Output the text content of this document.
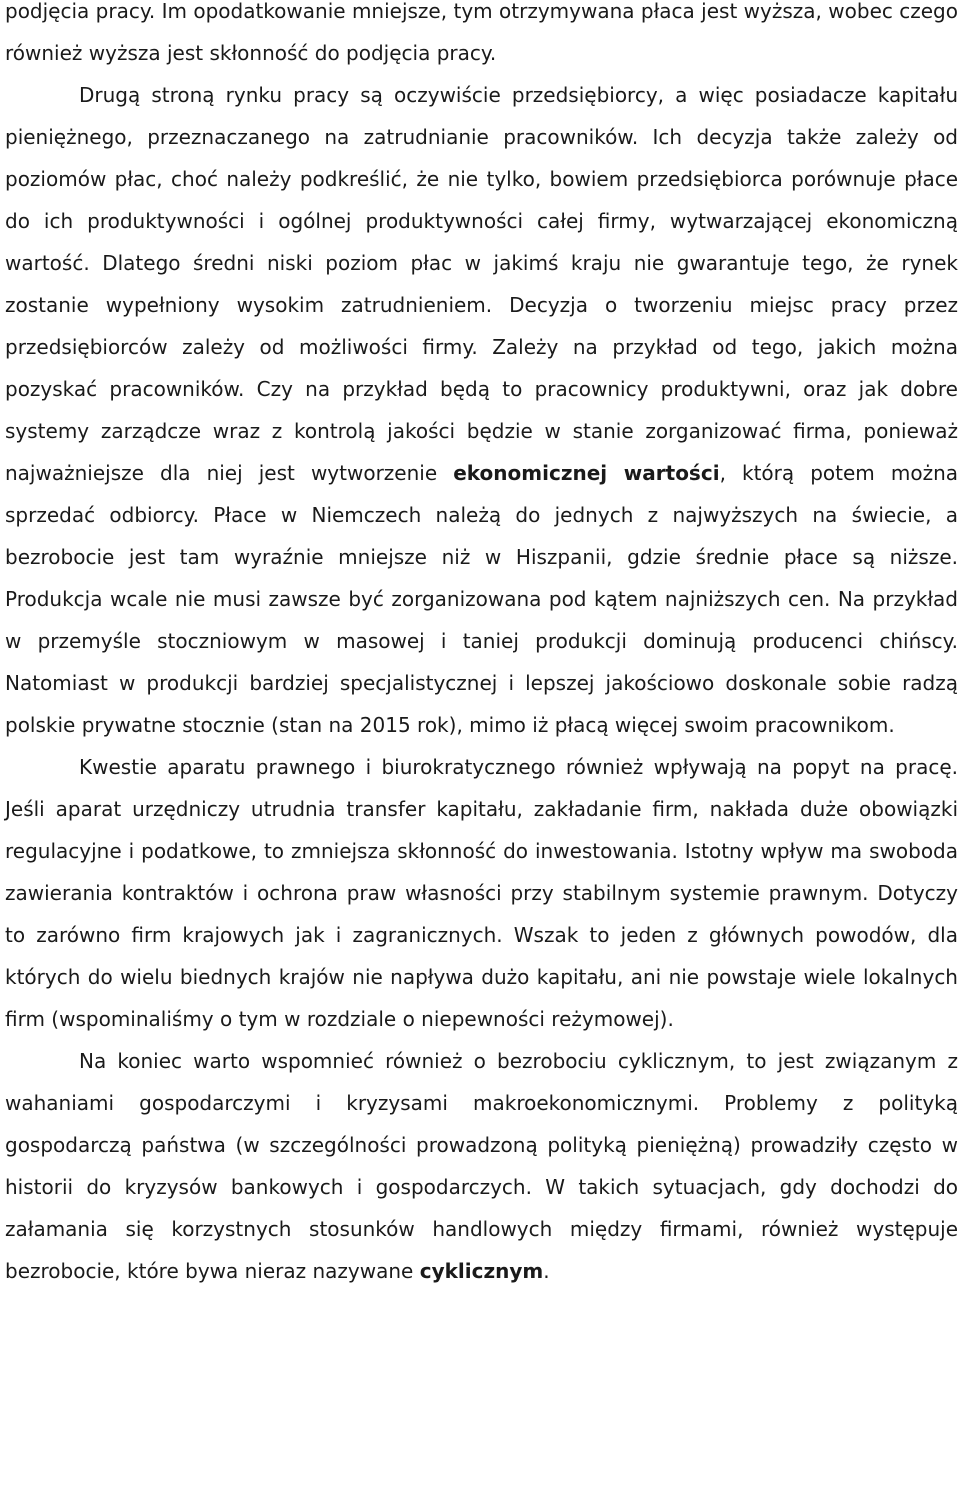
podjęcia pracy. Im opodatkowanie mniejsze, tym otrzymywana płaca jest wyższa, wobec czego również wyższa jest skłonność do podjęcia pracy.

Drugą stroną rynku pracy są oczywiście przedsiębiorcy, a więc posiadacze kapitału pieniężnego, przeznaczanego na zatrudnianie pracowników. Ich decyzja także zależy od poziomów płac, choć należy podkreślić, że nie tylko, bowiem przedsiębiorca porównuje płace do ich produktywności i ogólnej produktywności całej firmy, wytwarzającej ekonomiczną wartość. Dlatego średni niski poziom płac w jakimś kraju nie gwarantuje tego, że rynek zostanie wypełniony wysokim zatrudnieniem. Decyzja o tworzeniu miejsc pracy przez przedsiębiorców zależy od możliwości firmy. Zależy na przykład od tego, jakich można pozyskać pracowników. Czy na przykład będą to pracownicy produktywni, oraz jak dobre systemy zarządcze wraz z kontrolą jakości będzie w stanie zorganizować firma, ponieważ najważniejsze dla niej jest wytworzenie ekonomicznej wartości, którą potem można sprzedać odbiorcy. Płace w Niemczech należą do jednych z najwyższych na świecie, a bezrobocie jest tam wyraźnie mniejsze niż w Hiszpanii, gdzie średnie płace są niższe. Produkcja wcale nie musi zawsze być zorganizowana pod kątem najniższych cen. Na przykład w przemyśle stoczniowym w masowej i taniej produkcji dominują producenci chińscy. Natomiast w produkcji bardziej specjalistycznej i lepszej jakościowo doskonale sobie radzą polskie prywatne stocznie (stan na 2015 rok), mimo iż płacą więcej swoim pracownikom.

Kwestie aparatu prawnego i biurokratycznego również wpływają na popyt na pracę. Jeśli aparat urzędniczy utrudnia transfer kapitału, zakładanie firm, nakłada duże obowiązki regulacyjne i podatkowe, to zmniejsza skłonność do inwestowania. Istotny wpływ ma swoboda zawierania kontraktów i ochrona praw własności przy stabilnym systemie prawnym. Dotyczy to zarówno firm krajowych jak i zagranicznych. Wszak to jeden z głównych powodów, dla których do wielu biednych krajów nie napływa dużo kapitału, ani nie powstaje wiele lokalnych firm (wspominaliśmy o tym w rozdziale o niepewności reżymowej).

Na koniec warto wspomnieć również o bezrobociu cyklicznym, to jest związanym z wahaniami gospodarczymi i kryzysami makroekonomicznymi. Problemy z polityką gospodarczą państwa (w szczególności prowadzoną polityką pieniężną) prowadziły często w historii do kryzysów bankowych i gospodarczych. W takich sytuacjach, gdy dochodzi do załamania się korzystnych stosunków handlowych między firmami, również występuje bezrobocie, które bywa nieraz nazywane cyklicznym.
